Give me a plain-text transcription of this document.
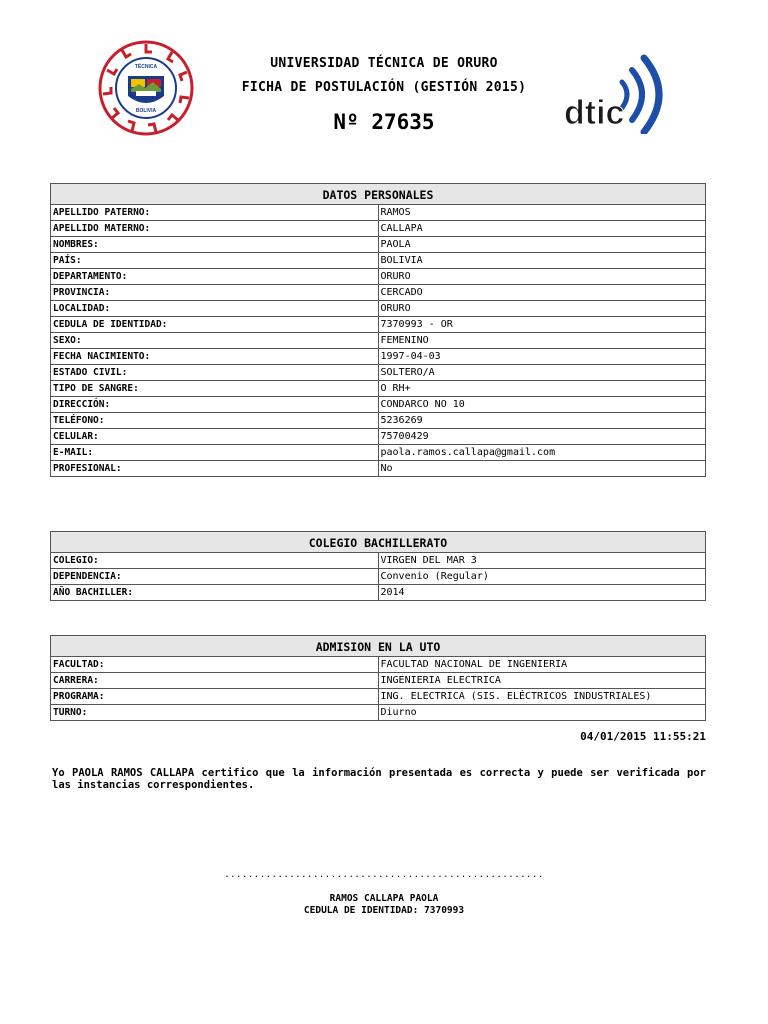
TÉCNICA
BOLIVIA
UNIVERSIDAD TÉCNICA DE ORURO
FICHA DE POSTULACIÓN (GESTIÓN 2015)
Nº 27635	dtic
DATOS PERSONALES	
APELLIDO PATERNO:	RAMOS
APELLIDO MATERNO:	CALLAPA
NOMBRES:	PAOLA
PAÍS:	BOLIVIA
DEPARTAMENTO:	ORURO
PROVINCIA:	CERCADO
LOCALIDAD:	ORURO
CEDULA DE IDENTIDAD:	7370993 - OR
SEXO:	FEMENINO
FECHA NACIMIENTO:	1997-04-03
ESTADO CIVIL:	SOLTERO/A
TIPO DE SANGRE:	O RH+
DIRECCIÓN:	CONDARCO NO 10
TELÉFONO:	5236269
CELULAR:	75700429
E-MAIL:	paola.ramos.callapa@gmail.com
PROFESIONAL:	No
COLEGIO BACHILLERATO	
COLEGIO:	VIRGEN DEL MAR 3
DEPENDENCIA:	Convenio (Regular)
AÑO BACHILLER:	2014
ADMISION EN LA UTO	
FACULTAD:	FACULTAD NACIONAL DE INGENIERIA
CARRERA:	INGENIERIA ELECTRICA
PROGRAMA:	ING. ELECTRICA (SIS. ELÉCTRICOS INDUSTRIALES)
TURNO:	Diurno
04/01/2015 11:55:21
Yo PAOLA RAMOS CALLAPA certifico que la información presentada es correcta y puede ser verificada por las instancias correspondientes.
......................................................
RAMOS CALLAPA PAOLA
CEDULA DE IDENTIDAD: 7370993
